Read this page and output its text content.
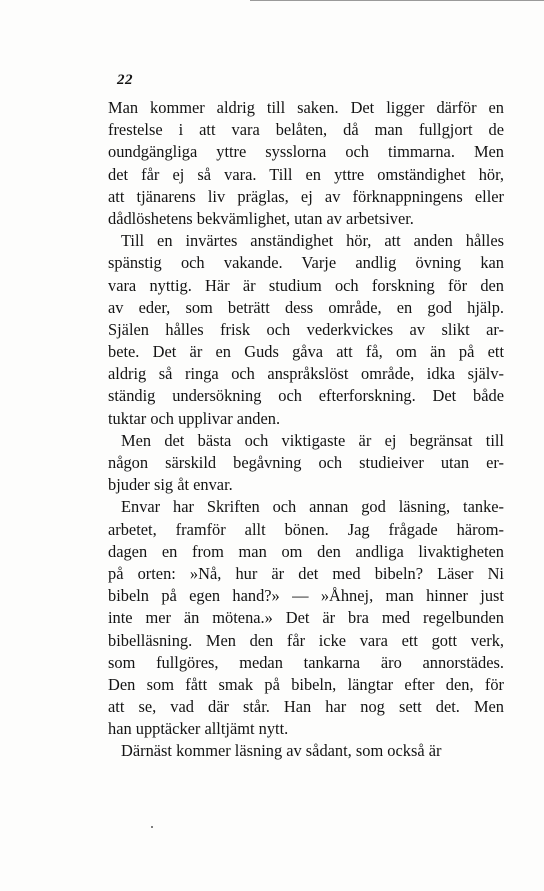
22
Man kommer aldrig till saken. Det ligger därför en
frestelse i att vara belåten, då man fullgjort de
oundgängliga yttre sysslorna och timmarna. Men
det får ej så vara. Till en yttre omständighet hör,
att tjänarens liv präglas, ej av förknappningens eller
dådlöshetens bekvämlighet, utan av arbetsiver.
Till en invärtes anständighet hör, att anden hålles
spänstig och vakande. Varje andlig övning kan
vara nyttig. Här är studium och forskning för den
av eder, som beträtt dess område, en god hjälp.
Själen hålles frisk och vederkvickes av slikt ar-
bete. Det är en Guds gåva att få, om än på ett
aldrig så ringa och anspråkslöst område, idka själv-
ständig undersökning och efterforskning. Det både
tuktar och upplivar anden.
Men det bästa och viktigaste är ej begränsat till
någon särskild begåvning och studieiver utan er-
bjuder sig åt envar.
Envar har Skriften och annan god läsning, tanke-
arbetet, framför allt bönen. Jag frågade härom-
dagen en from man om den andliga livaktigheten
på orten: »Nå, hur är det med bibeln? Läser Ni
bibeln på egen hand?» — »Åhnej, man hinner just
inte mer än mötena.» Det är bra med regelbunden
bibelläsning. Men den får icke vara ett gott verk,
som fullgöres, medan tankarna äro annorstädes.
Den som fått smak på bibeln, längtar efter den, för
att se, vad där står. Han har nog sett det. Men
han upptäcker alltjämt nytt.
Därnäst kommer läsning av sådant, som också är
